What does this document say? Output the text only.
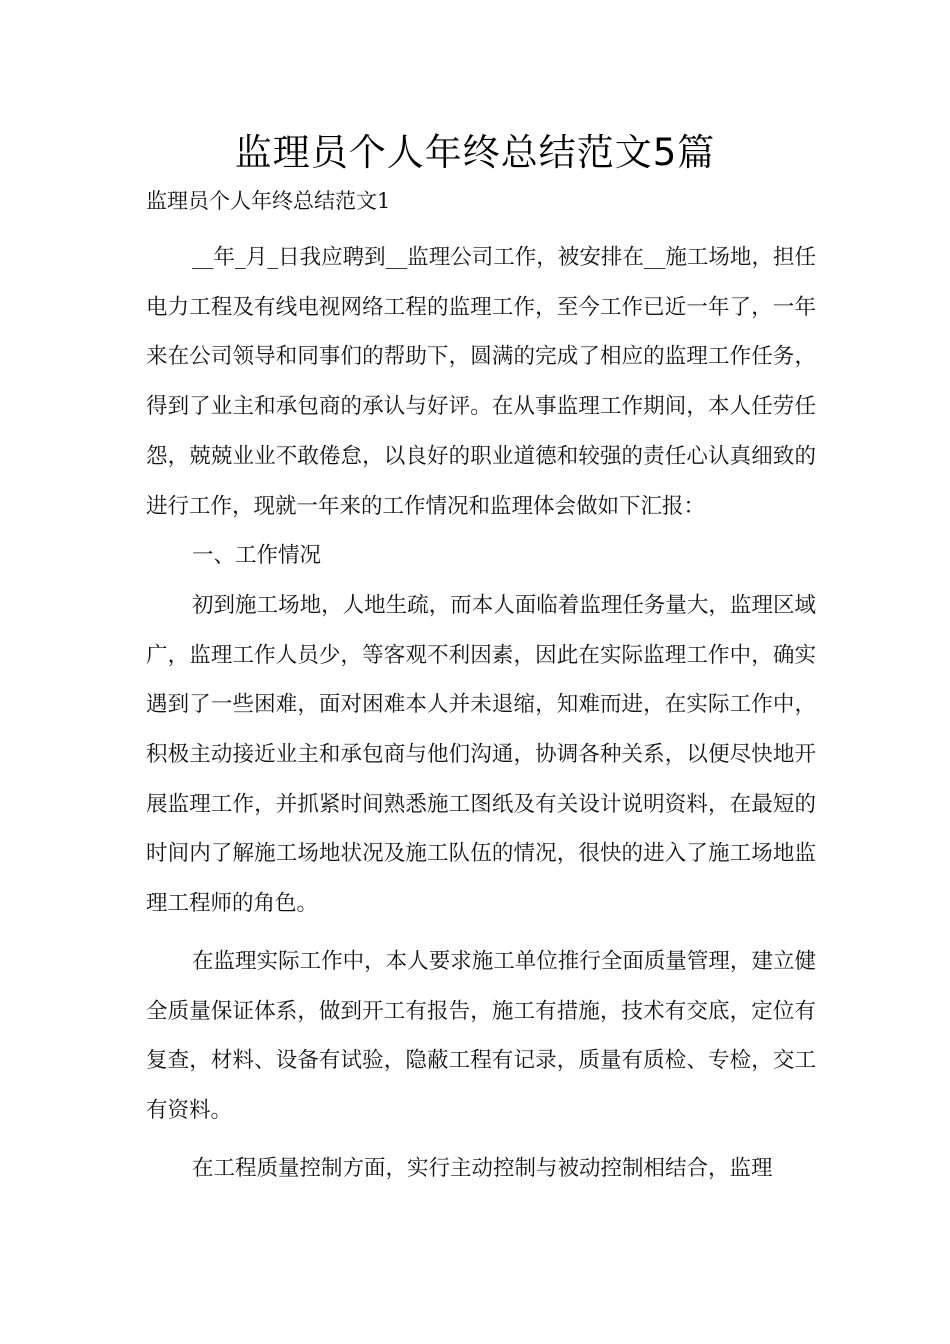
监理员个人年终总结范文5篇

监理员个人年终总结范文1

__年_月_日我应聘到__监理公司工作，被安排在__施工场地，担任电力工程及有线电视网络工程的监理工作，至今工作已近一年了，一年来在公司领导和同事们的帮助下，圆满的完成了相应的监理工作任务，得到了业主和承包商的承认与好评。在从事监理工作期间，本人任劳任怨，兢兢业业不敢倦怠，以良好的职业道德和较强的责任心认真细致的进行工作，现就一年来的工作情况和监理体会做如下汇报：

一、工作情况

初到施工场地，人地生疏，而本人面临着监理任务量大，监理区域广，监理工作人员少，等客观不利因素，因此在实际监理工作中，确实遇到了一些困难，面对困难本人并未退缩，知难而进，在实际工作中，积极主动接近业主和承包商与他们沟通，协调各种关系，以便尽快地开展监理工作，并抓紧时间熟悉施工图纸及有关设计说明资料，在最短的时间内了解施工场地状况及施工队伍的情况，很快的进入了施工场地监理工程师的角色。

在监理实际工作中，本人要求施工单位推行全面质量管理，建立健全质量保证体系，做到开工有报告，施工有措施，技术有交底，定位有复查，材料、设备有试验，隐蔽工程有记录，质量有质检、专检，交工有资料。

在工程质量控制方面，实行主动控制与被动控制相结合，监理
